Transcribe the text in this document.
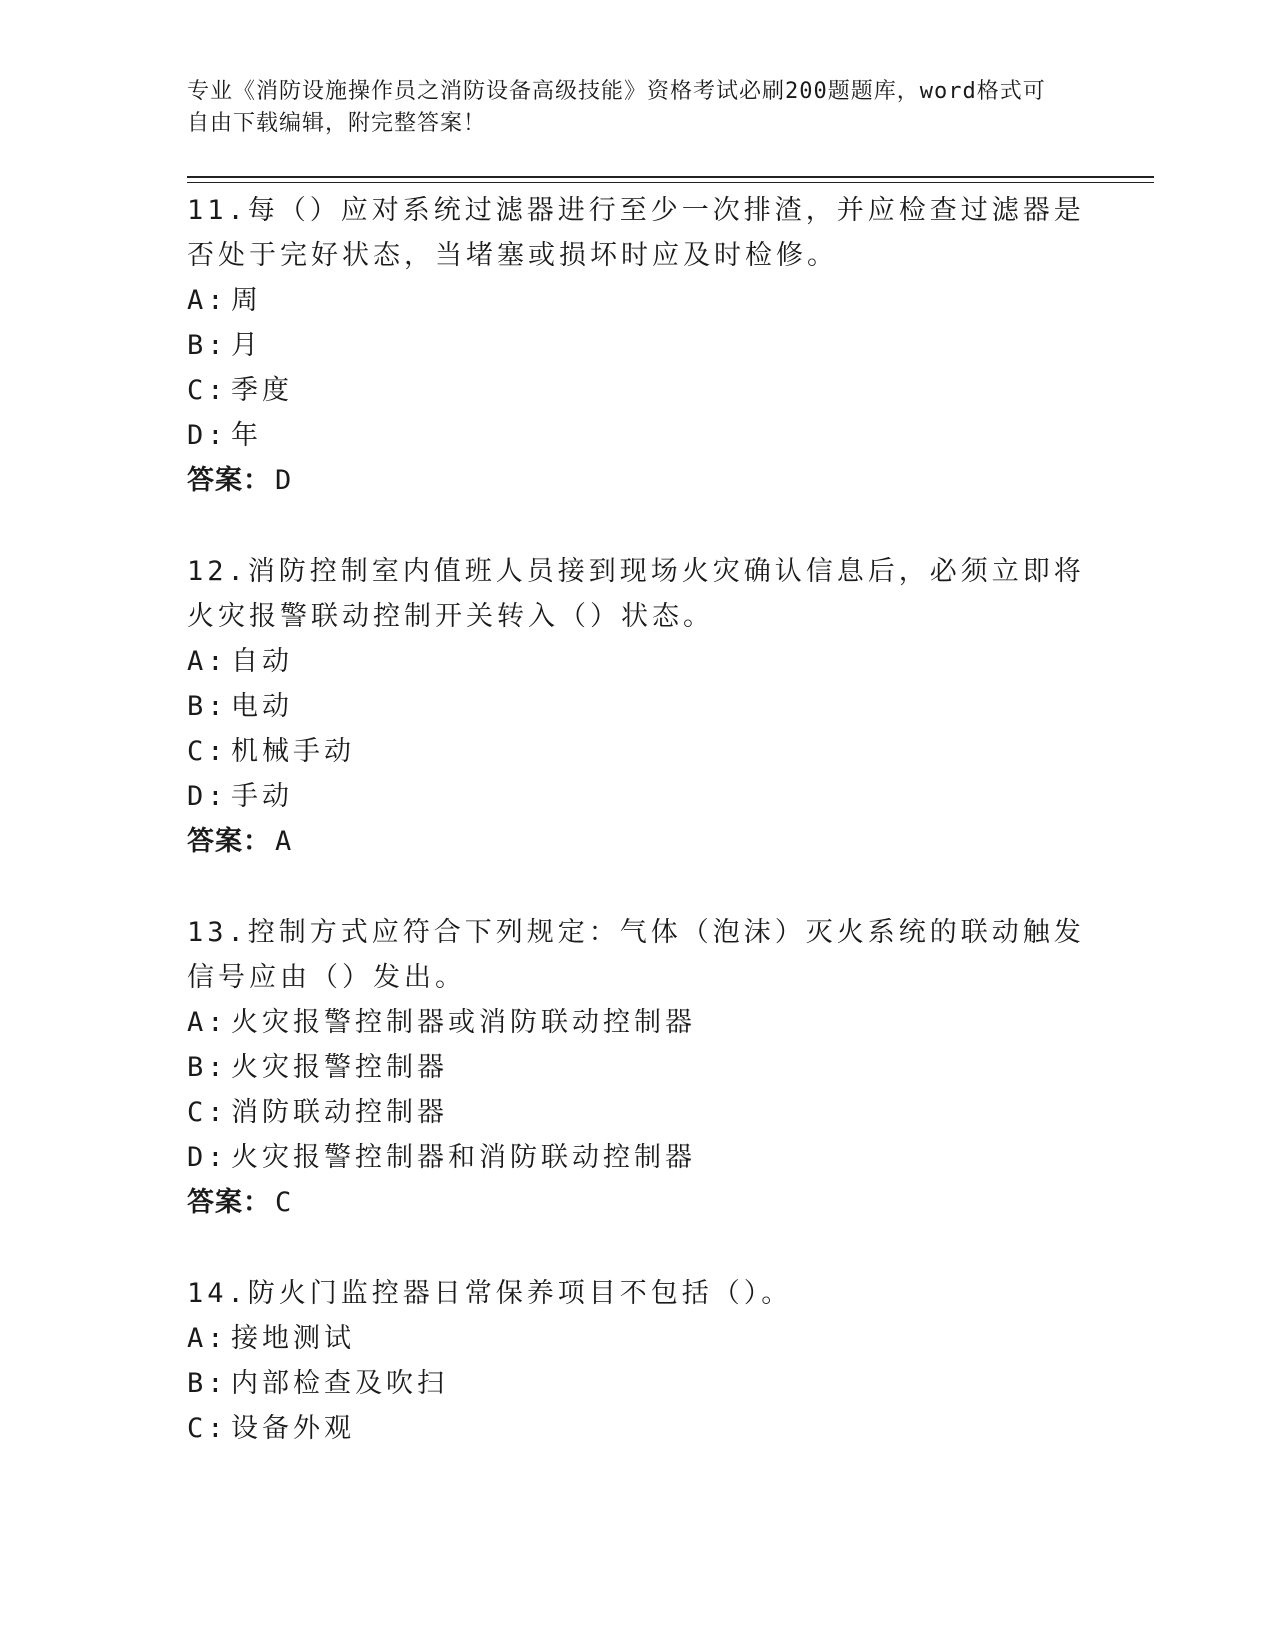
专业《消防设施操作员之消防设备高级技能》资格考试必刷200题题库，word格式可自由下载编辑，附完整答案！

11.每（）应对系统过滤器进行至少一次排渣，并应检查过滤器是否处于完好状态，当堵塞或损坏时应及时检修。

A: 周

B: 月

C: 季度

D: 年

答案： D

12.消防控制室内值班人员接到现场火灾确认信息后，必须立即将火灾报警联动控制开关转入（）状态。

A: 自动

B: 电动

C: 机械手动

D: 手动

答案： A

13.控制方式应符合下列规定：气体（泡沫）灭火系统的联动触发信号应由（）发出。

A: 火灾报警控制器或消防联动控制器

B: 火灾报警控制器

C: 消防联动控制器

D: 火灾报警控制器和消防联动控制器

答案： C

14.防火门监控器日常保养项目不包括（）。

A: 接地测试

B: 内部检查及吹扫

C: 设备外观
